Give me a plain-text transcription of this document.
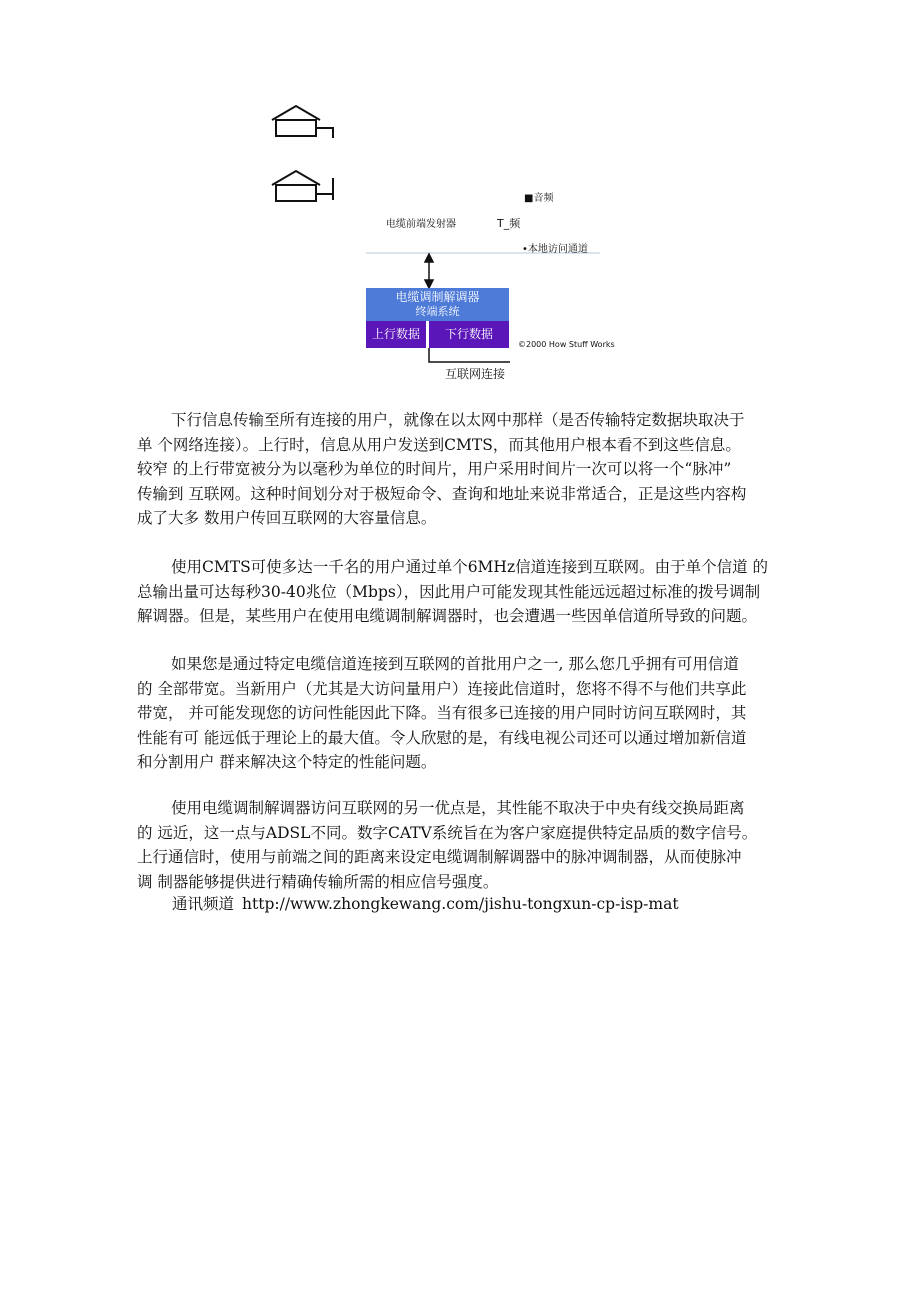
■音频
电缆前端发射器	T_频
•本地访问通道
电缆调制解调器
终端系统
上行数据	下行数据
©2000 How Stuff Works
互联网连接
下行信息传输至所有连接的用户，就像在以太网中那样（是否传输特定数据块取决于
单 个网络连接）。上行时，信息从用户发送到CMTS，而其他用户根本看不到这些信息。
较窄 的上行带宽被分为以毫秒为单位的时间片，用户采用时间片一次可以将一个“脉冲”
传输到 互联网。这种时间划分对于极短命令、查询和地址来说非常适合，正是这些内容构
成了大多 数用户传回互联网的大容量信息。
使用CMTS可使多达一千名的用户通过单个6MHz信道连接到互联网。由于单个信道 的
总输出量可达每秒30-40兆位（Mbps），因此用户可能发现其性能远远超过标准的拨号调制
解调器。但是，某些用户在使用电缆调制解调器时，也会遭遇一些因单信道所导致的问题。
如果您是通过特定电缆信道连接到互联网的首批用户之一, 那么您几乎拥有可用信道
的 全部带宽。当新用户（尤其是大访问量用户）连接此信道时，您将不得不与他们共享此
带宽， 并可能发现您的访问性能因此下降。当有很多已连接的用户同时访问互联网时，其
性能有可 能远低于理论上的最大值。令人欣慰的是，有线电视公司还可以通过增加新信道
和分割用户 群来解决这个特定的性能问题。
使用电缆调制解调器访问互联网的另一优点是，其性能不取决于中央有线交换局距离
的 远近，这一点与ADSL不同。数字CATV系统旨在为客户家庭提供特定品质的数字信号。
上行通信时，使用与前端之间的距离来设定电缆调制解调器中的脉冲调制器，从而使脉冲
调 制器能够提供进行精确传输所需的相应信号强度。
通讯频道 http://www.zhongkewang.com/jishu-tongxun-cp-isp-mat
